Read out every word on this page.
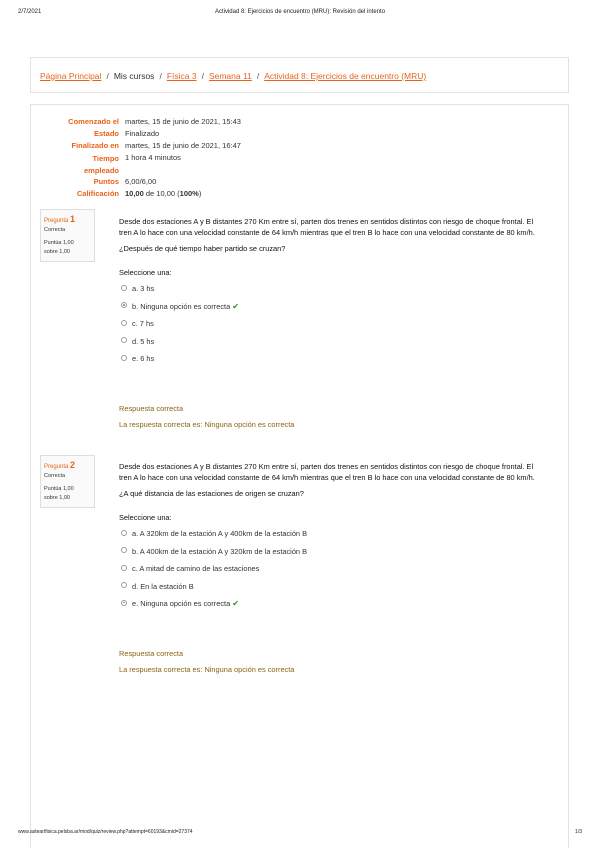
2/7/2021	Actividad 8: Ejercicios de encuentro (MRU): Revisión del intento
Página Principal / Mis cursos / Física 3 / Semana 11 / Actividad 8: Ejercicios de encuentro (MRU)
Comenzado el martes, 15 de junio de 2021, 15:43
Estado Finalizado
Finalizado en martes, 15 de junio de 2021, 16:47
Tiempo
empleado
1 hora 4 minutos
Puntos 6,00/6,00
Calificación 10,00 de 10,00 (100%)
Pregunta 1
Correcta
Puntúa 1,00
sobre 1,00

Desde dos estaciones A y B distantes 270 Km entre sí, parten dos trenes en sentidos distintos con riesgo de choque frontal. El tren A lo hace con una velocidad constante de 64 km/h mientras que el tren B lo hace con una velocidad constante de 80 km/h.

¿Después de qué tiempo haber partido se cruzan?

Seleccione una:

a. 3 hs
b. Ninguna opción es correcta ✔
c. 7 hs
d. 5 hs
e. 6 hs
Respuesta correcta
La respuesta correcta es: Ninguna opción es correcta
Pregunta 2
Correcta
Puntúa 1,00
sobre 1,00

Desde dos estaciones A y B distantes 270 Km entre sí, parten dos trenes en sentidos distintos con riesgo de choque frontal. El tren A lo hace con una velocidad constante de 64 km/h mientras que el tren B lo hace con una velocidad constante de 80 km/h.

¿A qué distancia de las estaciones de origen se cruzan?

Seleccione una:

a. A 320km de la estación A y 400km de la estación B
b. A 400km de la estación A y 320km de la estación B
c. A mitad de camino de las estaciones
d. En la estación B
e. Ninguna opción es correcta ✔
Respuesta correcta
La respuesta correcta es: Ninguna opción es correcta
www.asteartfisica.pelsba.ar/mod/quiz/review.php?attempt=60193&cmid=27374	1/3
